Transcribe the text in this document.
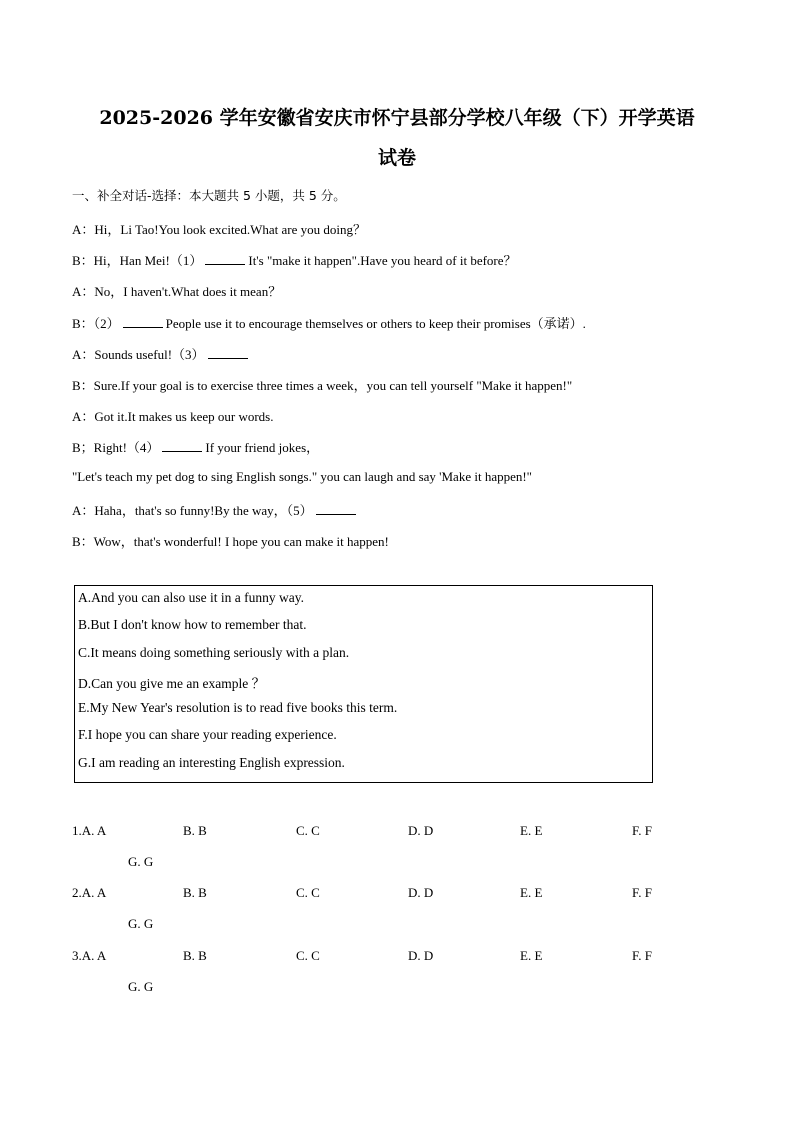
2025-2026 学年安徽省安庆市怀宁县部分学校八年级（下）开学英语
试卷
一、补全对话-选择：本大题共 5 小题，共 5 分。
A：Hi，Li Tao!You look excited.What are you doing？
B：Hi，Han Mei!（1）	It's "make it happen".Have you heard of it before？
A：No，I haven't.What does it mean？
B：（2）	People use it to encourage themselves or others to keep their promises（承诺）.
A：Sounds useful!（3）
B：Sure.If your goal is to exercise three times a week，you can tell yourself "Make it happen!"
A：Got it.It makes us keep our words.
B；Right!（4）	If your friend jokes，
"Let's teach my pet dog to sing English songs." you can laugh and say 'Make it happen!"
A：Haha，that's so funny!By the way，（5）
B：Wow，that's wonderful! I hope you can make it happen!
A.And you can also use it in a funny way.
B.But I don't know how to remember that.
C.It means doing something seriously with a plan.
D.Can you give me an example ？
E.My New Year's resolution is to read five books this term.
F.I hope you can share your reading experience.
G.I am reading an interesting English expression.
1.A. A	B. B	C. C	D. D	E. E	F. F
G. G
2.A. A	B. B	C. C	D. D	E. E	F. F
G. G
3.A. A	B. B	C. C	D. D	E. E	F. F
G. G
